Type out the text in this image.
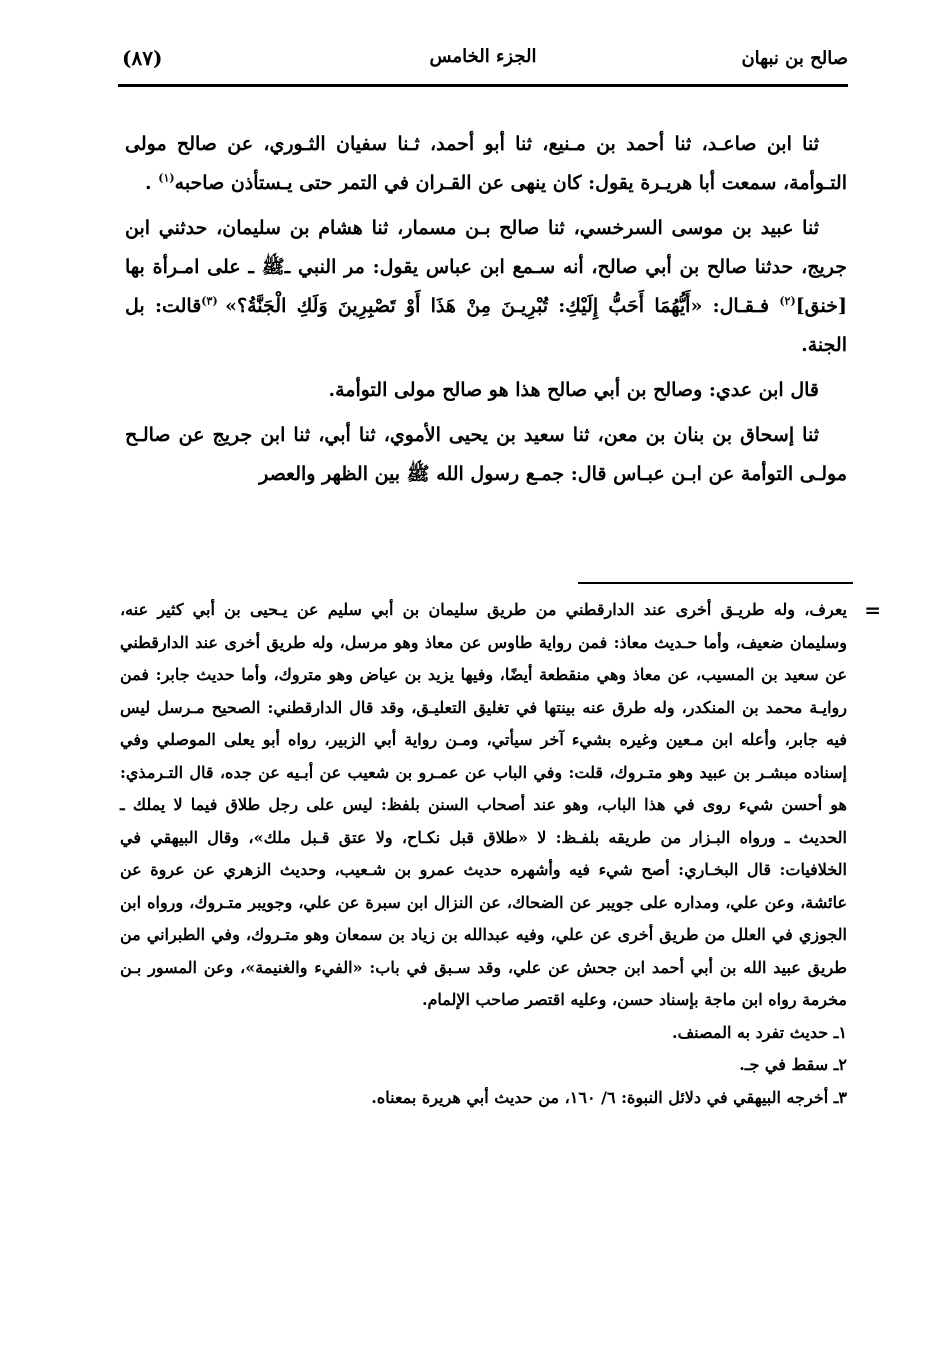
صالح بن نبهان
الجزء الخامس
(٨٧)

ثنا ابن صاعـد، ثنا أحمد بن مـنيع، ثنا أبو أحمد، ثـنا سفيان الثـوري، عن صالح مولى التـوأمة، سمعت أبا هريـرة يقول: كان ينهى عن القـران في التمر حتى يـستأذن صاحبه$^{(١)}$ .

ثنا عبيد بن موسى السرخسي، ثنا صالح بـن مسمار، ثنا هشام بن سليمان، حدثني ابن جريج، حدثنا صالح بن أبي صالح، أنه سـمع ابن عباس يقول: مر النبي ـﷺ ـ على امـرأة بها [خنق]$^{(٢)}$ فـقـال: «أَيُّهُمَا أَحَبُّ إِلَيْكِ: تُبْرِيـنَ مِنْ هَذَا أَوْ تَصْبِرِينَ وَلَكِ الْجَنَّةُ؟» $^{(٣)}$قالت: بل الجنة.

قال ابن عدي: وصالح بن أبي صالح هذا هو صالح مولى التوأمة.

ثنا إسحاق بن بنان بن معن، ثنا سعيد بن يحيى الأموي، ثنا أبي، ثنا ابن جريج عن صالـح مولـى التوأمة عن ابـن عبـاس قال: جمـع رسول الله ﷺ بين الظهر والعصر

=

يعرف، وله طريـق أخرى عند الدارقطني من طريق سليمان بن أبي سليم عن يـحيى بن أبي كثير عنه، وسليمان ضعيف، وأما حـديث معاذ: فمن رواية طاوس عن معاذ وهو مرسل، وله طريق أخرى عند الدارقطني عن سعيد بن المسيب، عن معاذ وهي منقطعة أيضًا، وفيها يزيد بن عياض وهو متروك، وأما حديث جابر: فمن روايـة محمد بن المنكدر، وله طرق عنه بينتها في تغليق التعليـق، وقد قال الدارقطني: الصحيح مـرسل ليس فيه جابر، وأعله ابن مـعين وغيره بشيء آخر سيأتي، ومـن رواية أبي الزبير، رواه أبو يعلى الموصلي وفي إسناده مبشـر بن عبيد وهو متـروك، قلت: وفي الباب عن عمـرو بن شعيب عن أبـيه عن جده، قال التـرمذي: هو أحسن شيء روى في هذا الباب، وهو عند أصحاب السنن بلفظ: ليس على رجل طلاق فيما لا يملك ـ الحديث ـ ورواه البـزار من طريقه بلفـظ: لا «طلاق قبل نكـاح، ولا عتق قـبل ملك»، وقال البيهقي في الخلافيات: قال البخـاري: أصح شيء فيه وأشهره حديث عمرو بن شـعيب، وحديث الزهري عن عروة عن عائشة، وعن علي، ومداره على جويبر عن الضحاك، عن النزال ابن سبرة عن علي، وجويبر متـروك، ورواه ابن الجوزي في العلل من طريق أخرى عن علي، وفيه عبدالله بن زياد بن سمعان وهو متـروك، وفي الطبراني من طريق عبيد الله بن أبي أحمد ابن جحش عن علي، وقد سـبق في باب: «الفيء والغنيمة»، وعن المسور بـن مخرمة رواه ابن ماجة بإسناد حسن، وعليه اقتصر صاحب الإلمام.

١ـ حديث تفرد به المصنف.

٢ـ سقط في جـ.

٣ـ أخرجه البيهقي في دلائل النبوة: ٦/ ١٦٠، من حديث أبي هريرة بمعناه.
